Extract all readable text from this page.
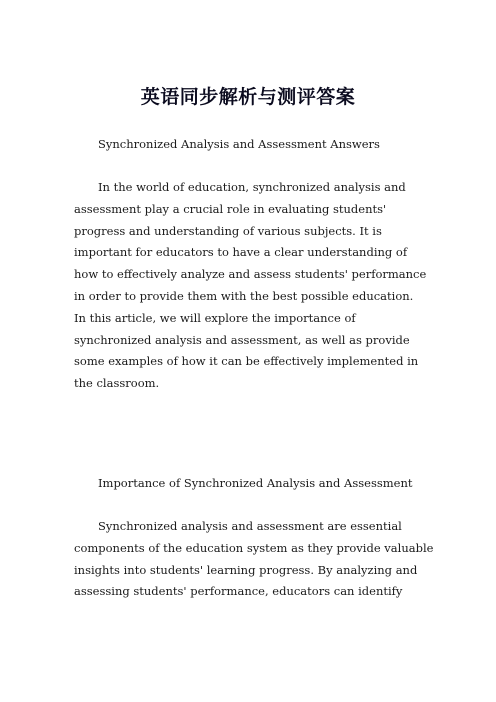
英语同步解析与测评答案
Synchronized Analysis and Assessment Answers
In the world of education, synchronized analysis and
assessment play a crucial role in evaluating students'
progress and understanding of various subjects. It is
important for educators to have a clear understanding of
how to effectively analyze and assess students' performance
in order to provide them with the best possible education.
In this article, we will explore the importance of
synchronized analysis and assessment, as well as provide
some examples of how it can be effectively implemented in
the classroom.
Importance of Synchronized Analysis and Assessment
Synchronized analysis and assessment are essential
components of the education system as they provide valuable
insights into students' learning progress. By analyzing and
assessing students' performance, educators can identify
